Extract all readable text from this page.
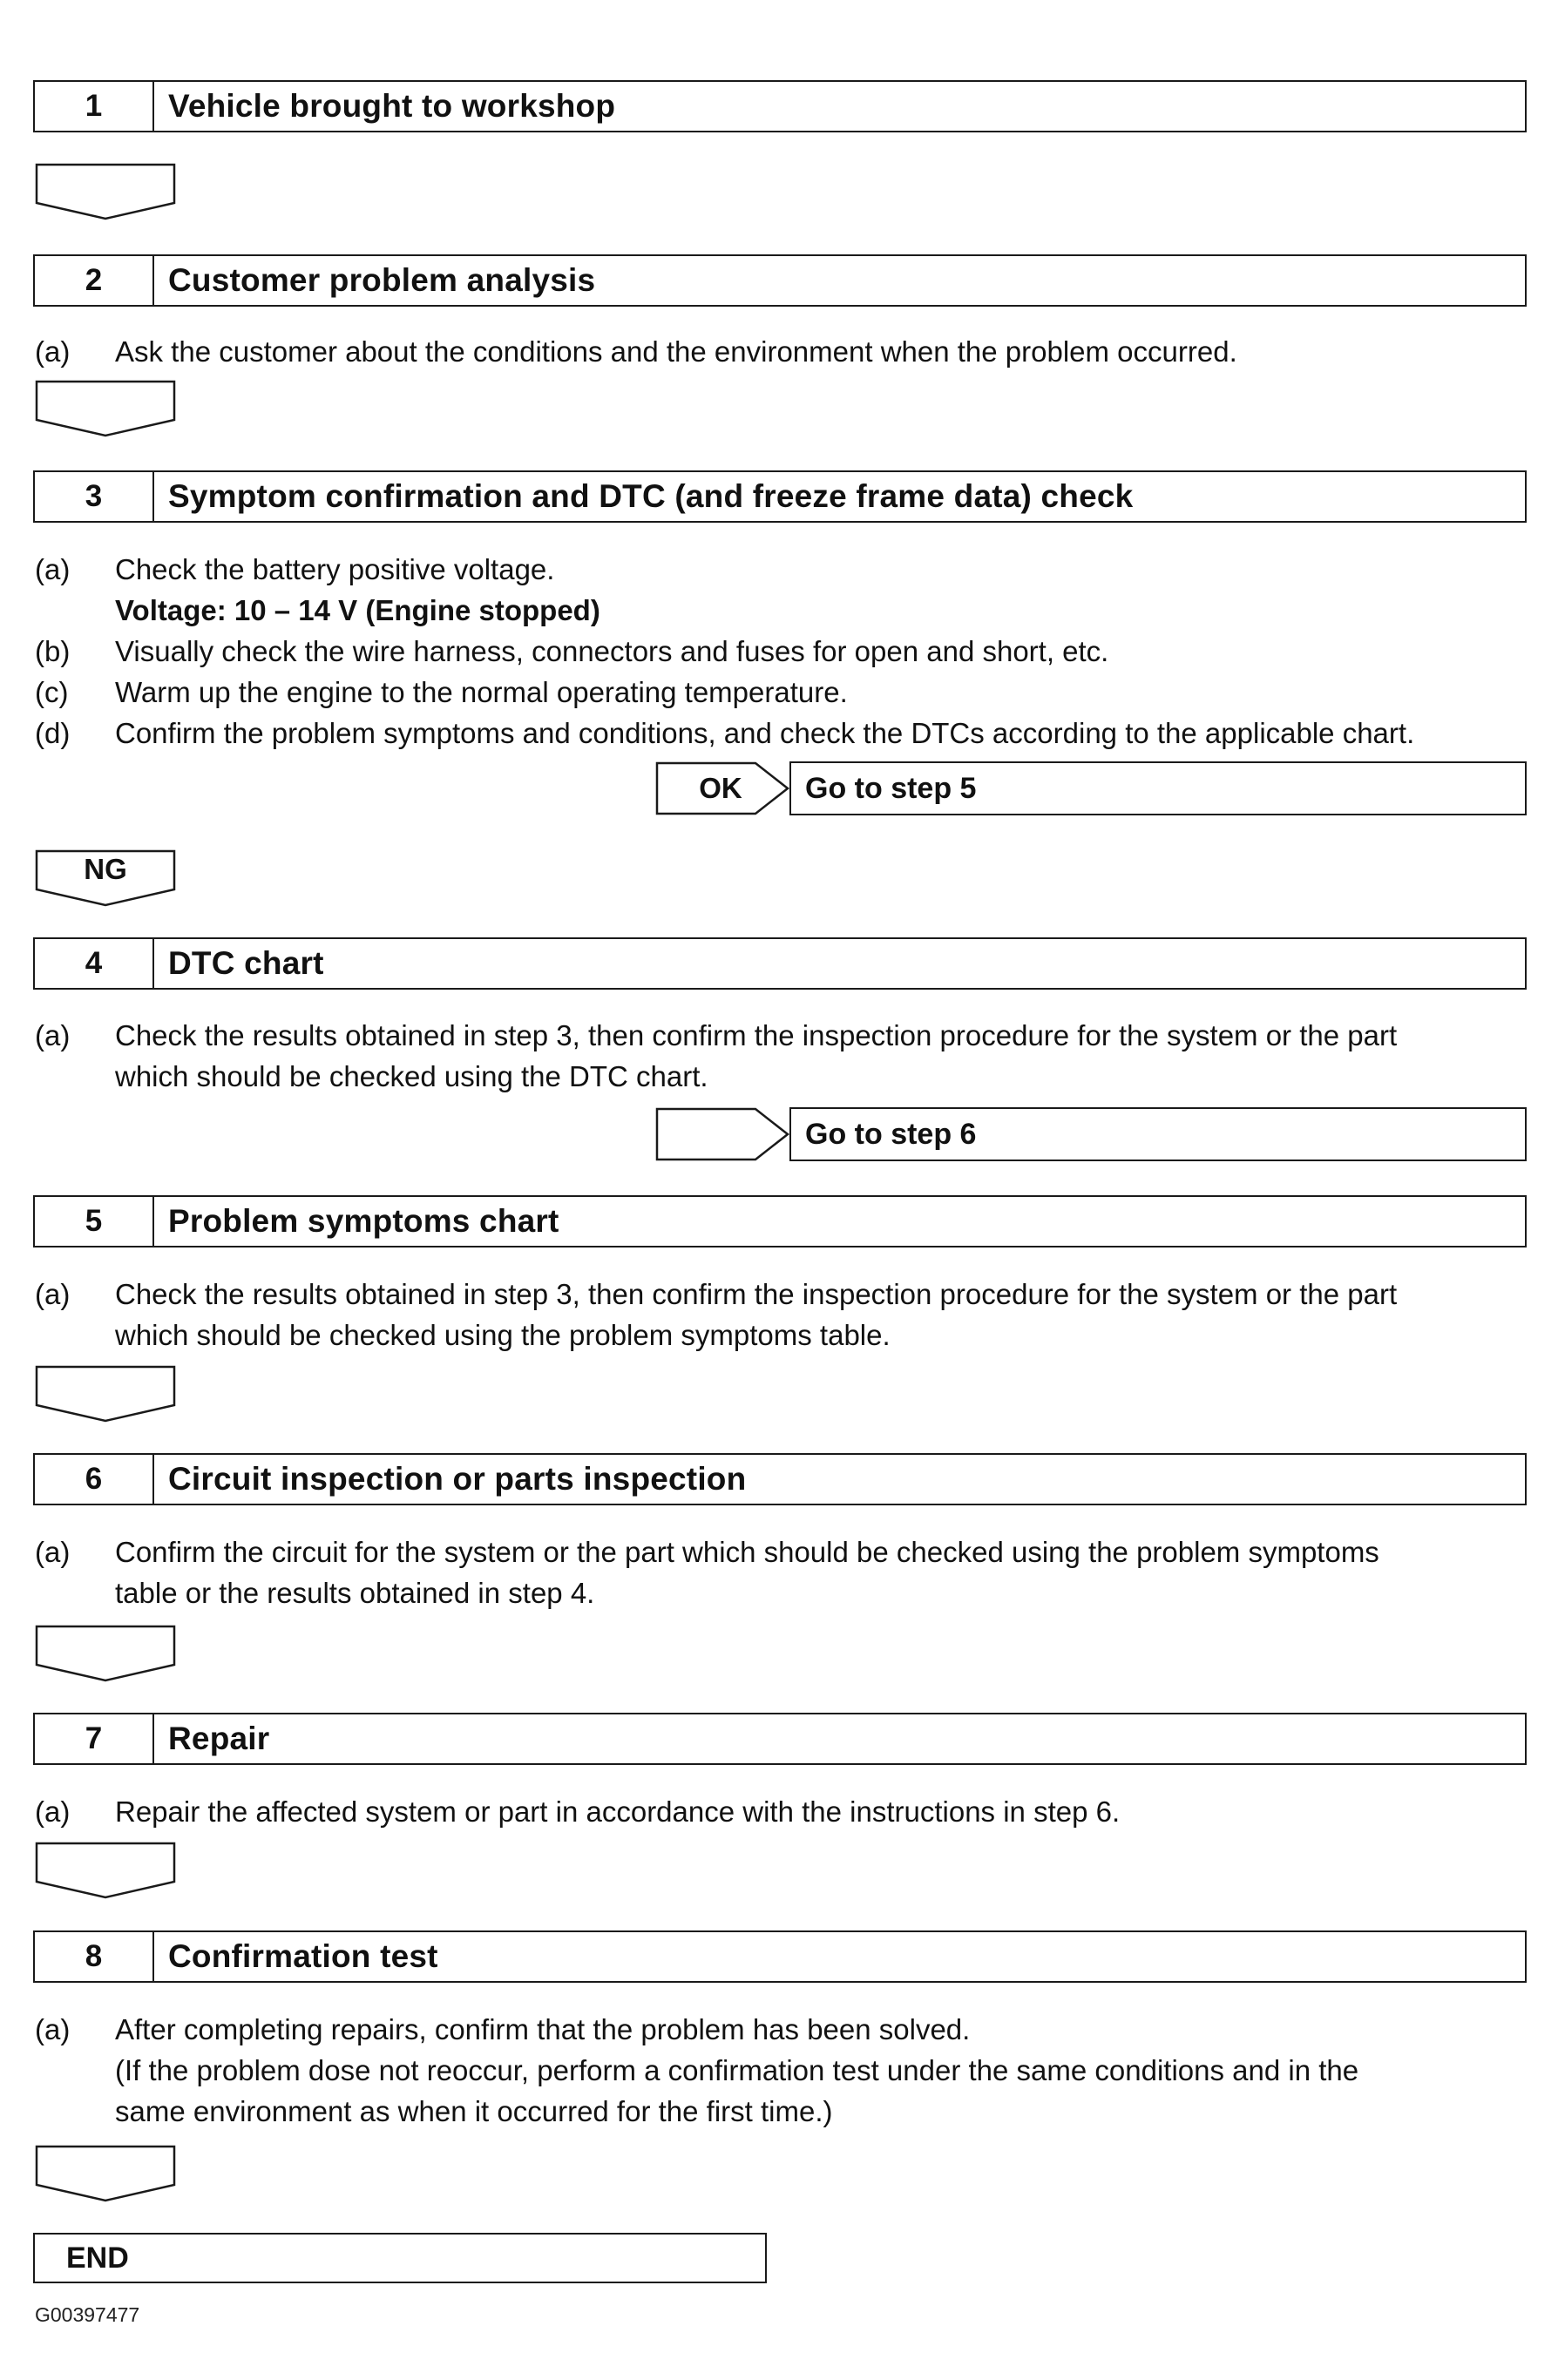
1	Vehicle brought to workshop
2	Customer problem analysis
(a)	Ask the customer about the conditions and the environment when the problem occurred.
3	Symptom confirmation and DTC (and freeze frame data) check
(a)	Check the battery positive voltage.
Voltage: 10 – 14 V (Engine stopped)
(b)	Visually check the wire harness, connectors and fuses for open and short, etc.
(c)	Warm up the engine to the normal operating temperature.
(d)	Confirm the problem symptoms and conditions, and check the DTCs according to the applicable chart.
OK	Go to step 5
NG
4	DTC chart
(a)	Check the results obtained in step 3, then confirm the inspection procedure for the system or the part
which should be checked using the DTC chart.
Go to step 6
5	Problem symptoms chart
(a)	Check the results obtained in step 3, then confirm the inspection procedure for the system or the part
which should be checked using the problem symptoms table.
6	Circuit inspection or parts inspection
(a)	Confirm the circuit for the system or the part which should be checked using the problem symptoms
table or the results obtained in step 4.
7	Repair
(a)	Repair the affected system or part in accordance with the instructions in step 6.
8	Confirmation test
(a)	After completing repairs, confirm that the problem has been solved.
(If the problem dose not reoccur, perform a confirmation test under the same conditions and in the
same environment as when it occurred for the first time.)
END
G00397477
